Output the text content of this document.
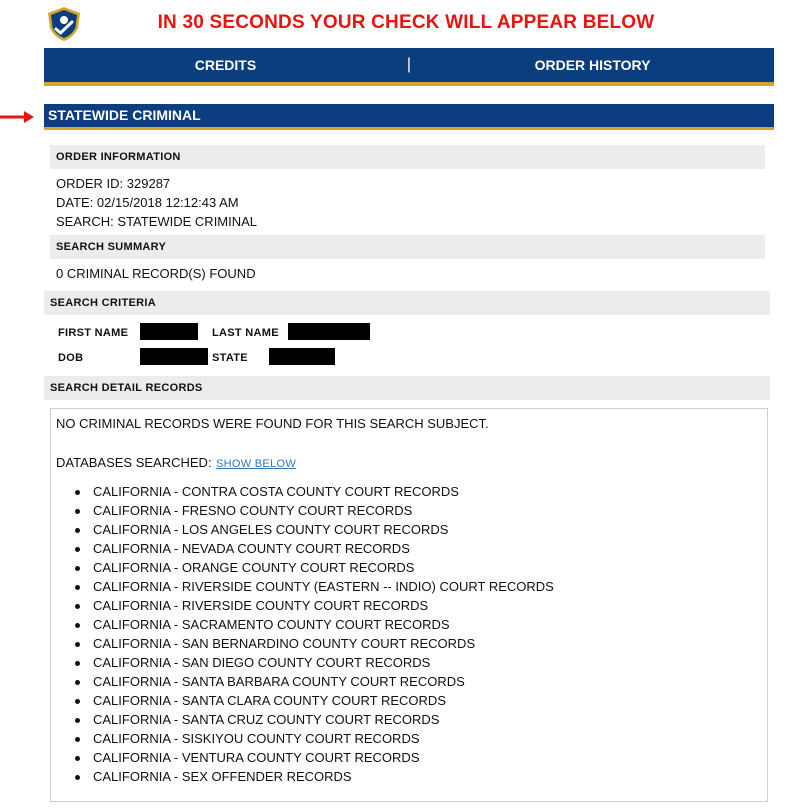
IN 30 SECONDS YOUR CHECK WILL APPEAR BELOW
CREDITS	|	ORDER HISTORY
STATEWIDE CRIMINAL
ORDER INFORMATION
ORDER ID: 329287
DATE: 02/15/2018 12:12:43 AM
SEARCH: STATEWIDE CRIMINAL
SEARCH SUMMARY
0 CRIMINAL RECORD(S) FOUND
SEARCH CRITERIA
FIRST NAME	LAST NAME
DOB	STATE
SEARCH DETAIL RECORDS
NO CRIMINAL RECORDS WERE FOUND FOR THIS SEARCH SUBJECT.
DATABASES SEARCHED: SHOW BELOW
CALIFORNIA - CONTRA COSTA COUNTY COURT RECORDS
CALIFORNIA - FRESNO COUNTY COURT RECORDS
CALIFORNIA - LOS ANGELES COUNTY COURT RECORDS
CALIFORNIA - NEVADA COUNTY COURT RECORDS
CALIFORNIA - ORANGE COUNTY COURT RECORDS
CALIFORNIA - RIVERSIDE COUNTY (EASTERN -- INDIO) COURT RECORDS
CALIFORNIA - RIVERSIDE COUNTY COURT RECORDS
CALIFORNIA - SACRAMENTO COUNTY COURT RECORDS
CALIFORNIA - SAN BERNARDINO COUNTY COURT RECORDS
CALIFORNIA - SAN DIEGO COUNTY COURT RECORDS
CALIFORNIA - SANTA BARBARA COUNTY COURT RECORDS
CALIFORNIA - SANTA CLARA COUNTY COURT RECORDS
CALIFORNIA - SANTA CRUZ COUNTY COURT RECORDS
CALIFORNIA - SISKIYOU COUNTY COURT RECORDS
CALIFORNIA - VENTURA COUNTY COURT RECORDS
CALIFORNIA - SEX OFFENDER RECORDS
